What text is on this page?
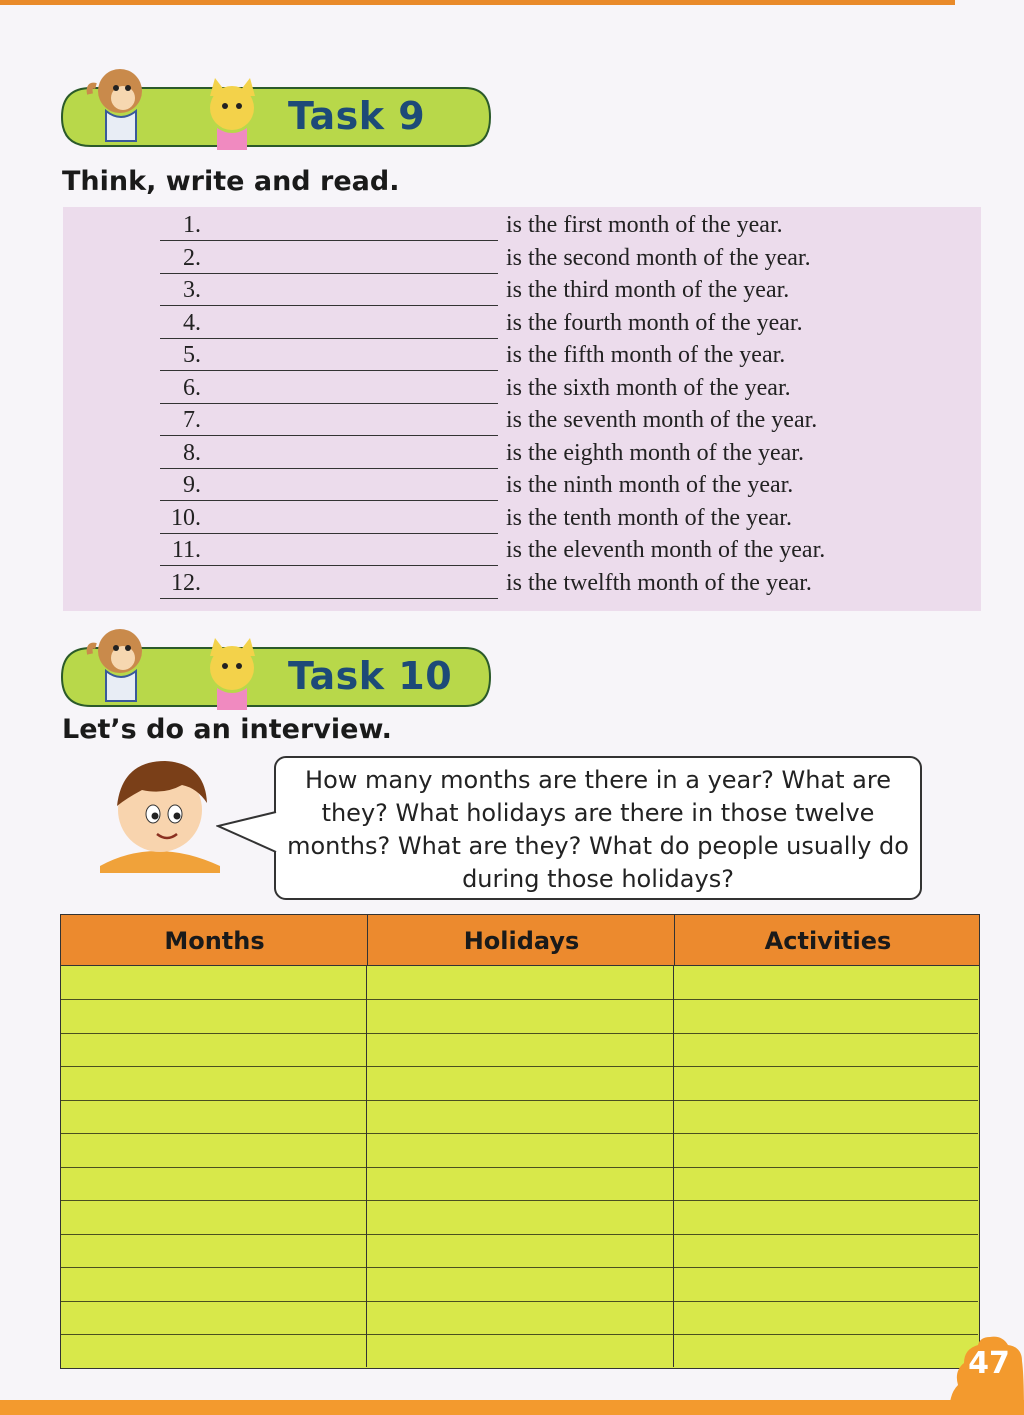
Task 9
Think, write and read.
1.	is the first month of the year.
2.	is the second month of the year.
3.	is the third month of the year.
4.	is the fourth month of the year.
5.	is the fifth month of the year.
6.	is the sixth month of the year.
7.	is the seventh month of the year.
8.	is the eighth month of the year.
9.	is the ninth month of the year.
10.	is the tenth month of the year.
11.	is the eleventh month of the year.
12.	is the twelfth month of the year.
Task 10
Let’s do an interview.
How many months are there in a year? What are they? What holidays are there in those twelve months? What are they? What do people usually do during those holidays?
Months	Holidays	Activities
47
